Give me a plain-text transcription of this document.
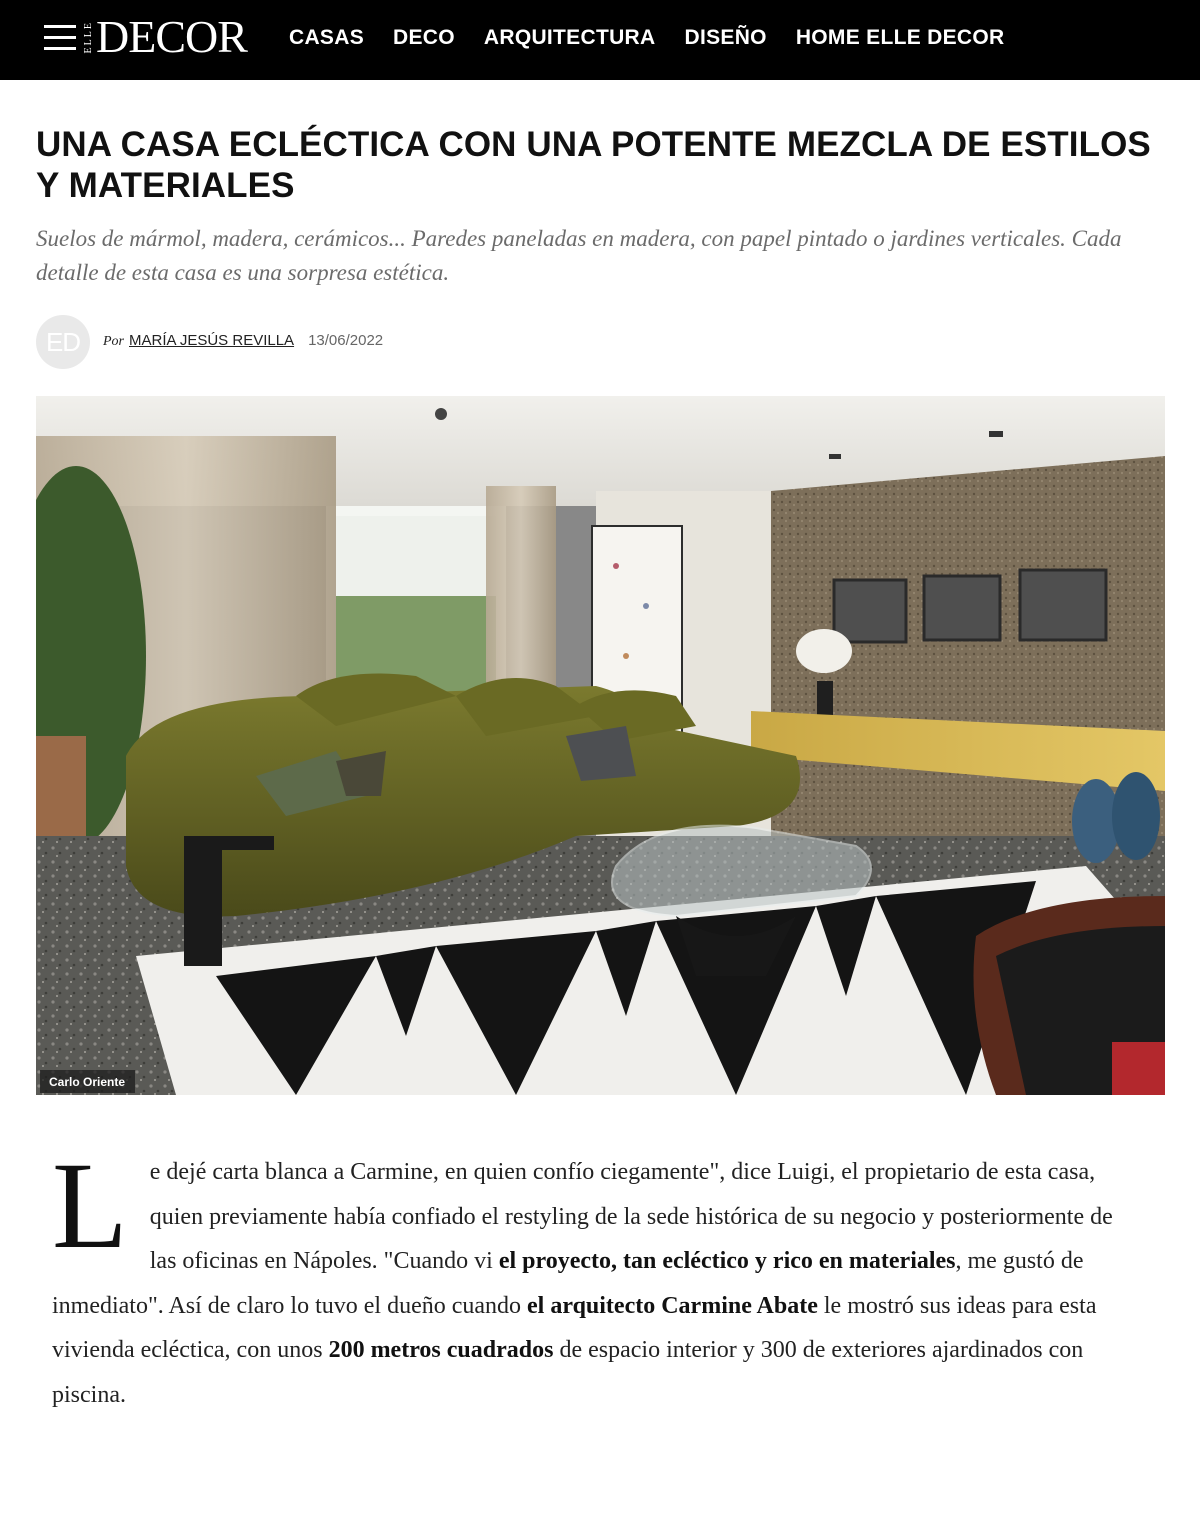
ELLE DECOR CASAS DECO ARQUITECTURA DISEÑO HOME ELLE DECOR
UNA CASA ECLÉCTICA CON UNA POTENTE MEZCLA DE ESTILOS Y MATERIALES

Suelos de mármol, madera, cerámicos... Paredes paneladas en madera, con papel pintado o jardines verticales. Cada detalle de esta casa es una sorpresa estética.

ED	Por MARÍA JESÚS REVILLA 13/06/2022
Carlo Oriente
Le dejé carta blanca a Carmine, en quien confío ciegamente", dice Luigi, el propietario de esta casa, quien previamente había confiado el restyling de la sede histórica de su negocio y posteriormente de las oficinas en Nápoles. "Cuando vi el proyecto, tan ecléctico y rico en materiales, me gustó de inmediato". Así de claro lo tuvo el dueño cuando el arquitecto Carmine Abate le mostró sus ideas para esta vivienda ecléctica, con unos 200 metros cuadrados de espacio interior y 300 de exteriores ajardinados con piscina.
